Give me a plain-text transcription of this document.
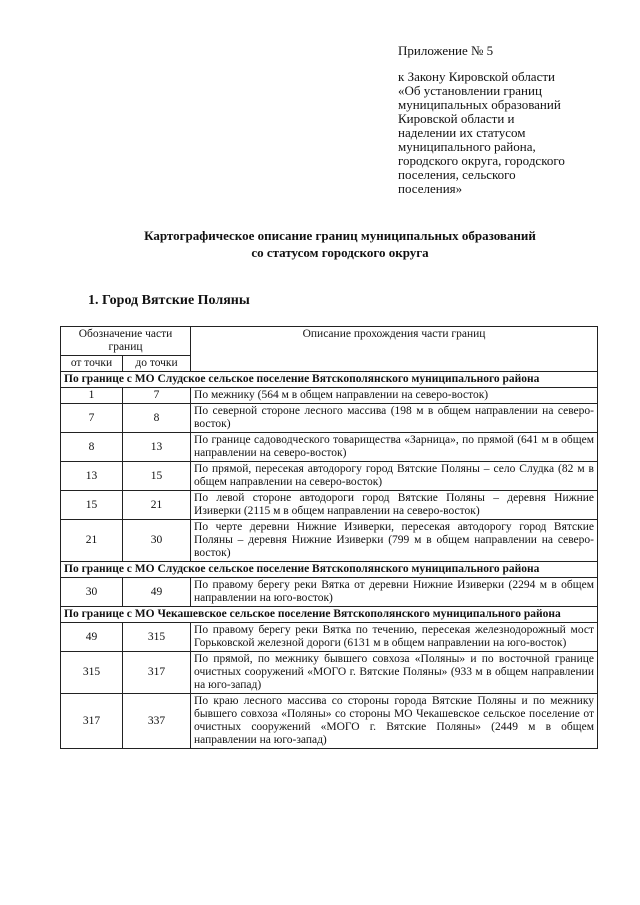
Приложение № 5
к Закону Кировской области
«Об установлении границ
муниципальных образований
Кировской области и
наделении их статусом
муниципального района,
городского округа, городского
поселения, сельского
поселения»
Картографическое описание границ муниципальных образований
со статусом городского округа
1. Город Вятские Поляны
Обозначение части границ		Описание прохождения части границ
от точки	до точки	
По границе с МО Слудское сельское поселение Вятскополянского муниципального района		
1	7	По межнику (564 м в общем направлении на северо-восток)
7	8	По северной стороне лесного массива (198 м в общем направлении на северо-восток)
8	13	По границе садоводческого товарищества «Зарница», по прямой (641 м в общем направлении на северо-восток)
13	15	По прямой, пересекая автодорогу город Вятские Поляны – село Слудка (82 м в общем направлении на северо-восток)
15	21	По левой стороне автодороги город Вятские Поляны – деревня Нижние Изиверки (2115 м в общем направлении на северо-восток)
21	30	По черте деревни Нижние Изиверки, пересекая автодорогу город Вятские Поляны – деревня Нижние Изиверки (799 м в общем направлении на северо-восток)
По границе с МО Слудское сельское поселение Вятскополянского муниципального района		
30	49	По правому берегу реки Вятка от деревни Нижние Изиверки (2294 м в общем направлении на юго-восток)
По границе с МО Чекашевское сельское поселение Вятскополянского муниципального района		
49	315	По правому берегу реки Вятка по течению, пересекая железнодорожный мост Горьковской железной дороги (6131 м в общем направлении на юго-восток)
315	317	По прямой, по межнику бывшего совхоза «Поляны» и по восточной границе очистных сооружений «МОГО г. Вятские Поляны» (933 м в общем направлении на юго-запад)
317	337	По краю лесного массива со стороны города Вятские Поляны и по межнику бывшего совхоза «Поляны» со стороны МО Чекашевское сельское поселение от очистных сооружений «МОГО г. Вятские Поляны» (2449 м в общем направлении на юго-запад)
